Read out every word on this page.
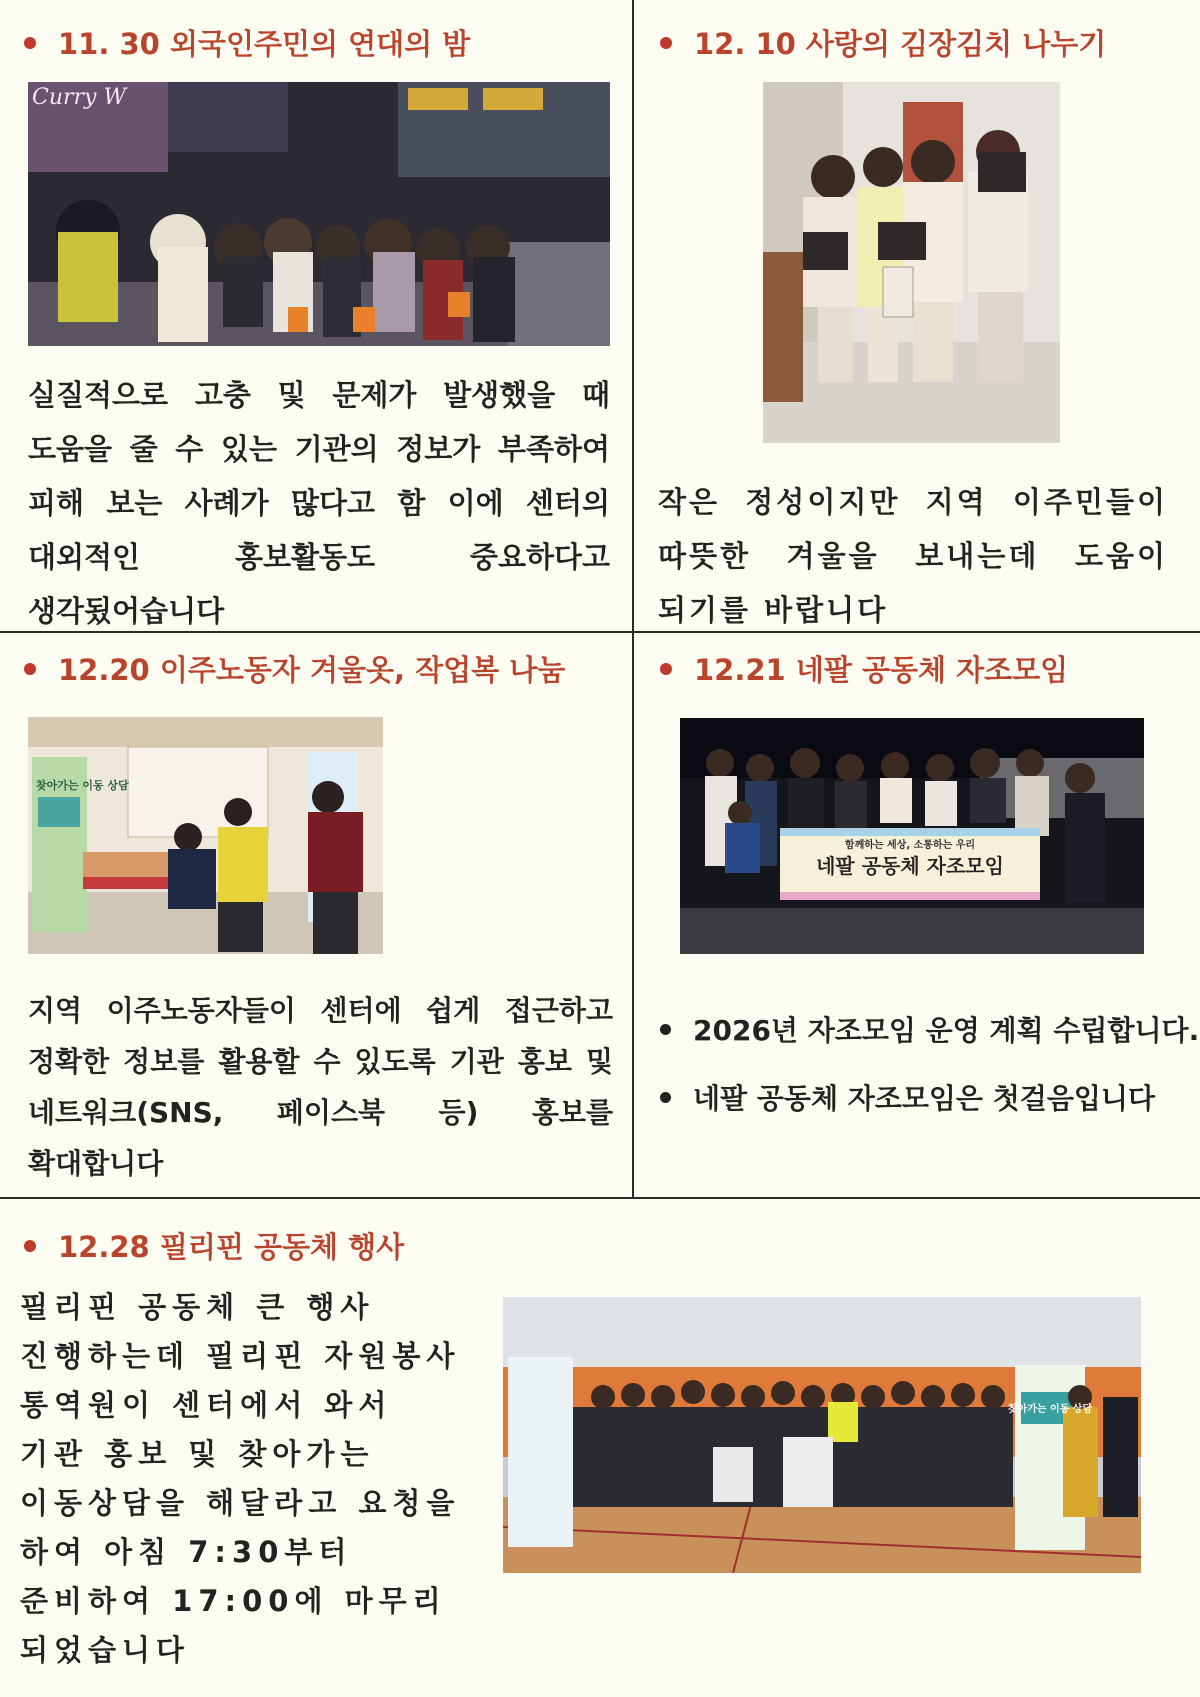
11. 30 외국인주민의 연대의 밤
Curry W
실질적으로 고충 및 문제가 발생했을 때 도움을 줄 수 있는 기관의 정보가 부족하여 피해 보는 사례가 많다고 함 이에 센터의 대외적인 홍보활동도 중요하다고 생각됬어습니다
12. 10 사랑의 김장김치 나누기
작은 정성이지만 지역 이주민들이 따뜻한 겨울을 보내는데 도움이 되기를 바랍니다
12.20 이주노동자 겨울옷, 작업복 나눔
찾아가는 이동 상담
지역 이주노동자들이 센터에 쉽게 접근하고 정확한 정보를 활용할 수 있도록 기관 홍보 및 네트워크(SNS, 페이스북 등) 홍보를 확대합니다
12.21 네팔 공동체 자조모임
함께하는 세상, 소통하는 우리
네팔 공동체 자조모임
2026년 자조모임 운영 계획 수립합니다.
네팔 공동체 자조모임은 첫걸음입니다
12.28 필리핀 공동체 행사
필리핀 공동체 큰 행사 진행하는데 필리핀 자원봉사 통역원이 센터에서 와서 기관 홍보 및 찾아가는 이동상담을 해달라고 요청을 하여 아침 7:30부터 준비하여 17:00에 마무리 되었습니다
찾아가는 이동 상담
